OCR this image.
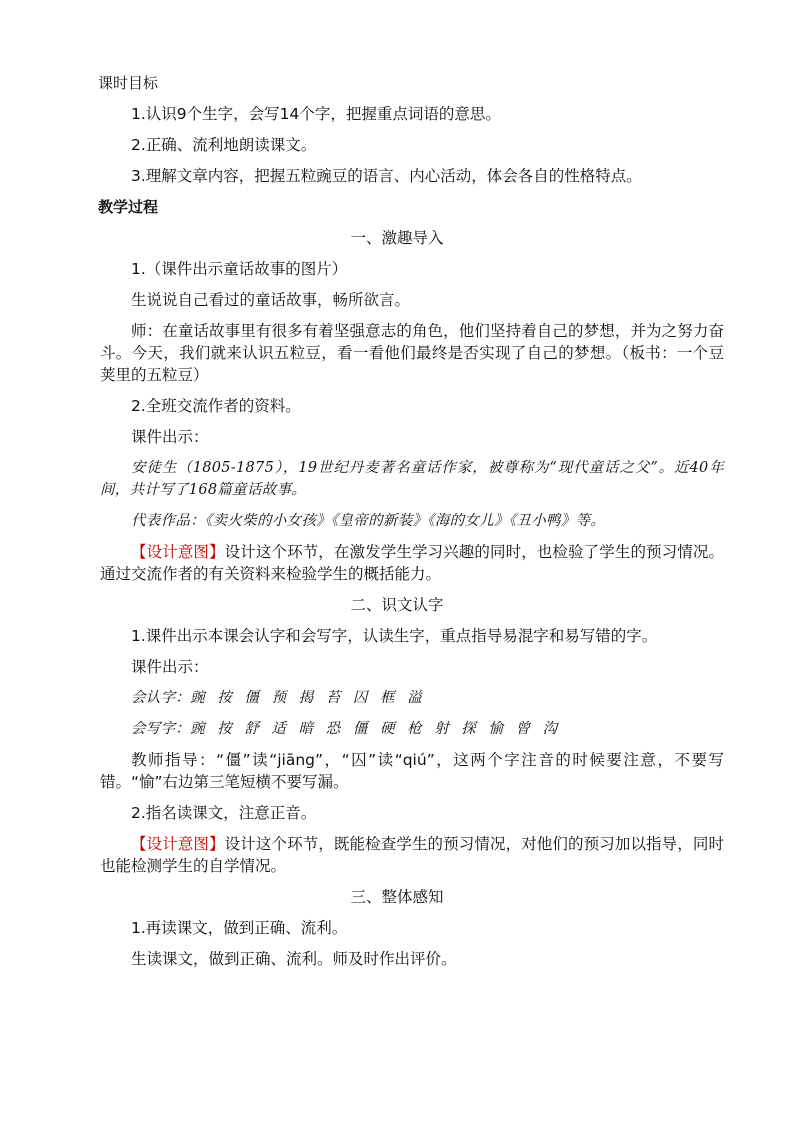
课时目标
1.认识9个生字，会写14个字，把握重点词语的意思。
2.正确、流利地朗读课文。
3.理解文章内容，把握五粒豌豆的语言、内心活动，体会各自的性格特点。
教学过程
一、激趣导入
1.（课件出示童话故事的图片）
生说说自己看过的童话故事，畅所欲言。
师：在童话故事里有很多有着坚强意志的角色，他们坚持着自己的梦想，并为之努力奋斗。今天，我们就来认识五粒豆，看一看他们最终是否实现了自己的梦想。（板书：一个豆荚里的五粒豆）
2.全班交流作者的资料。
课件出示：
安徒生（1805-1875），19世纪丹麦著名童话作家，被尊称为“现代童话之父”。近40年间，共计写了168篇童话故事。
代表作品：《卖火柴的小女孩》《皇帝的新装》《海的女儿》《丑小鸭》等。
【设计意图】设计这个环节，在激发学生学习兴趣的同时，也检验了学生的预习情况。通过交流作者的有关资料来检验学生的概括能力。
二、识文认字
1.课件出示本课会认字和会写字，认读生字，重点指导易混字和易写错的字。
课件出示：
会认字：豌 按 僵 预 揭 苔 囚 框 溢
会写字：豌 按 舒 适 暗 恐 僵 硬 枪 射 探 愉 曾 沟
教师指导：“僵”读“jiāng”，“囚”读“qiú”，这两个字注音的时候要注意，不要写错。“愉”右边第三笔短横不要写漏。
2.指名读课文，注意正音。
【设计意图】设计这个环节，既能检查学生的预习情况，对他们的预习加以指导，同时也能检测学生的自学情况。
三、整体感知
1.再读课文，做到正确、流利。
生读课文，做到正确、流利。师及时作出评价。
